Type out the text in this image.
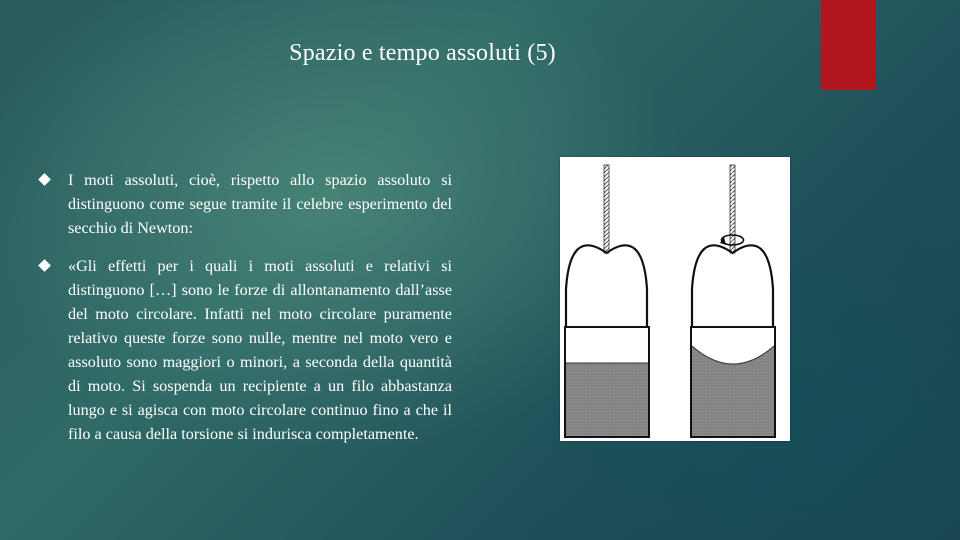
Spazio e tempo assoluti (5)
I moti assoluti, cioè, rispetto allo spazio assoluto si distinguono come segue tramite il celebre esperimento del secchio di Newton:
«Gli effetti per i quali i moti assoluti e relativi si distinguono […] sono le forze di allontanamento dall’asse del moto circolare. Infatti nel moto circolare puramente relativo queste forze sono nulle, mentre nel moto vero e assoluto sono maggiori o minori, a seconda della quantità di moto. Si sospenda un recipiente a un filo abbastanza lungo e si agisca con moto circolare continuo fino a che il filo a causa della torsione si indurisca completamente.
